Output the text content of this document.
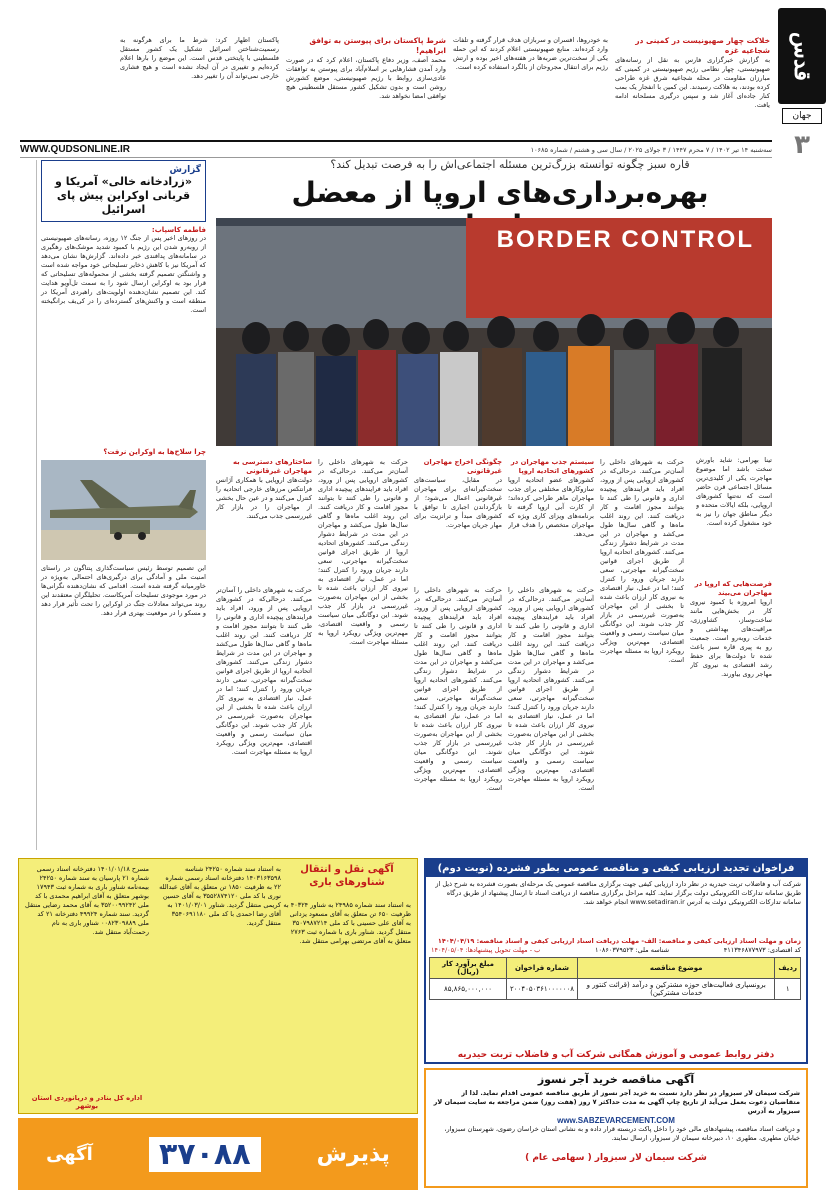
قدس
جهان
۳
خلاکت چهار صهیونیست در کمینی در شجاعیه غزه
به گزارش خبرگزاری فارس به نقل از رسانه‌های صهیونیستی، چهار نظامی رژیم صهیونیستی در کمینی که مبارزان مقاومت در محله شجاعیه شرق غزه طراحی کرده بودند، به هلاکت رسیدند. این کمین با انفجار یک بمب کنار جاده‌ای آغاز شد و سپس درگیری مسلحانه ادامه یافت.
به خودروها، افسران و سربازان هدف قرار گرفته و تلفات وارد کرده‌اند. منابع صهیونیستی اعلام کردند که این حمله یکی از سخت‌ترین ضربه‌ها در هفته‌های اخیر بوده و ارتش رژیم برای انتقال مجروحان از بالگرد استفاده کرده است.
شرط پاکستان برای پیوستن به توافق ابراهیم!
محمد آصف، وزیر دفاع پاکستان، اعلام کرد که در صورت وارد آمدن فشارهایی بر اسلام‌آباد برای پیوستن به توافقات عادی‌سازی روابط با رژیم صهیونیستی، موضع کشورش روشن است و بدون تشکیل کشور مستقل فلسطینی هیچ توافقی امضا نخواهد شد.
پاکستان اظهار کرد: شرط ما برای هرگونه به رسمیت‌شناختن اسرائیل تشکیل یک کشور مستقل فلسطینی با پایتختی قدس است. این موضع را بارها اعلام کرده‌ایم و تغییری در آن ایجاد نشده است و هیچ فشاری خارجی نمی‌تواند آن را تغییر دهد.
WWW.QUDSONLINE.IR	سه‌شنبه ۱۴ تیر ۱۴۰۲ / ۷ محرم ۱۴۴۷ / ۳ جولای ۲۰۲۵ / سال سی و هشتم / شماره ۱۰۶۸۵
قاره سبز چگونه توانسته بزرگ‌ترین مسئله اجتماعی‌اش را به فرصت تبدیل کند؟
بهره‌برداری‌های اروپا از معضل
BORDER CONTROL
تینا بهرامی: شاید باورش سخت باشد اما موضوع مهاجرت یکی از کلیدی‌ترین مسائل اجتماعی قرن حاضر است که نه‌تنها کشورهای اروپایی، بلکه ایالات متحده و دیگر مناطق جهان را نیز به خود مشغول کرده است.
فرصت‌هایی که اروپا در مهاجران می‌بیند
اروپا امروزه با کمبود نیروی کار در بخش‌هایی مانند ساخت‌وساز، کشاورزی، مراقبت‌های بهداشتی و خدمات روبه‌رو است. جمعیت رو به پیری قاره سبز باعث شده تا دولت‌ها برای حفظ رشد اقتصادی به نیروی کار مهاجر روی بیاورند.
حرکت به شهرهای داخلی را آسان‌تر می‌کنند. درحالی‌که در کشورهای اروپایی پس از ورود، افراد باید فرایندهای پیچیده اداری و قانونی را طی کنند تا بتوانند مجوز اقامت و کار دریافت کنند. این روند اغلب ماه‌ها و گاهی سال‌ها طول می‌کشد و مهاجران در این مدت در شرایط دشوار زندگی می‌کنند. کشورهای اتحادیه اروپا از طریق اجرای قوانین سخت‌گیرانه مهاجرتی، سعی دارند جریان ورود را کنترل کنند؛ اما در عمل، نیاز اقتصادی به نیروی کار ارزان باعث شده تا بخشی از این مهاجران به‌صورت غیررسمی در بازار کار جذب شوند. این دوگانگی میان سیاست رسمی و واقعیت اقتصادی، مهم‌ترین ویژگی رویکرد اروپا به مسئله مهاجرت است.
سیستم جذب مهاجران در کشورهای اتحادیه اروپا
کشورهای عضو اتحادیه اروپا سازوکارهای مختلفی برای جذب مهاجران ماهر طراحی کرده‌اند؛ از کارت آبی اروپا گرفته تا برنامه‌های ویزای کاری ویژه که مهاجران متخصص را هدف قرار می‌دهد.
حرکت به شهرهای داخلی را آسان‌تر می‌کنند. درحالی‌که در کشورهای اروپایی پس از ورود، افراد باید فرایندهای پیچیده اداری و قانونی را طی کنند تا بتوانند مجوز اقامت و کار دریافت کنند. این روند اغلب ماه‌ها و گاهی سال‌ها طول می‌کشد و مهاجران در این مدت در شرایط دشوار زندگی می‌کنند. کشورهای اتحادیه اروپا از طریق اجرای قوانین سخت‌گیرانه مهاجرتی، سعی دارند جریان ورود را کنترل کنند؛ اما در عمل، نیاز اقتصادی به نیروی کار ارزان باعث شده تا بخشی از این مهاجران به‌صورت غیررسمی در بازار کار جذب شوند. این دوگانگی میان سیاست رسمی و واقعیت اقتصادی، مهم‌ترین ویژگی رویکرد اروپا به مسئله مهاجرت است.
چگونگی اخراج مهاجران غیرقانونی
در مقابل، سیاست‌های سخت‌گیرانه‌ای برای مهاجران غیرقانونی اعمال می‌شود؛ از بازگرداندن اجباری تا توافق با کشورهای مبدأ و ترانزیت برای مهار جریان مهاجرت.
حرکت به شهرهای داخلی را آسان‌تر می‌کنند. درحالی‌که در کشورهای اروپایی پس از ورود، افراد باید فرایندهای پیچیده اداری و قانونی را طی کنند تا بتوانند مجوز اقامت و کار دریافت کنند. این روند اغلب ماه‌ها و گاهی سال‌ها طول می‌کشد و مهاجران در این مدت در شرایط دشوار زندگی می‌کنند. کشورهای اتحادیه اروپا از طریق اجرای قوانین سخت‌گیرانه مهاجرتی، سعی دارند جریان ورود را کنترل کنند؛ اما در عمل، نیاز اقتصادی به نیروی کار ارزان باعث شده تا بخشی از این مهاجران به‌صورت غیررسمی در بازار کار جذب شوند. این دوگانگی میان سیاست رسمی و واقعیت اقتصادی، مهم‌ترین ویژگی رویکرد اروپا به مسئله مهاجرت است.
حرکت به شهرهای داخلی را آسان‌تر می‌کنند. درحالی‌که در کشورهای اروپایی پس از ورود، افراد باید فرایندهای پیچیده اداری و قانونی را طی کنند تا بتوانند مجوز اقامت و کار دریافت کنند. این روند اغلب ماه‌ها و گاهی سال‌ها طول می‌کشد و مهاجران در این مدت در شرایط دشوار زندگی می‌کنند. کشورهای اتحادیه اروپا از طریق اجرای قوانین سخت‌گیرانه مهاجرتی، سعی دارند جریان ورود را کنترل کنند؛ اما در عمل، نیاز اقتصادی به نیروی کار ارزان باعث شده تا بخشی از این مهاجران به‌صورت غیررسمی در بازار کار جذب شوند. این دوگانگی میان سیاست رسمی و واقعیت اقتصادی، مهم‌ترین ویژگی رویکرد اروپا به مسئله مهاجرت است.
ساختارهای دسترسی به مهاجران غیرقانونی
دولت‌های اروپایی با همکاری آژانس فرانتکس مرزهای خارجی اتحادیه را کنترل می‌کنند و در عین حال بخشی از مهاجران را در بازار کار غیررسمی جذب می‌کنند.
حرکت به شهرهای داخلی را آسان‌تر می‌کنند. درحالی‌که در کشورهای اروپایی پس از ورود، افراد باید فرایندهای پیچیده اداری و قانونی را طی کنند تا بتوانند مجوز اقامت و کار دریافت کنند. این روند اغلب ماه‌ها و گاهی سال‌ها طول می‌کشد و مهاجران در این مدت در شرایط دشوار زندگی می‌کنند. کشورهای اتحادیه اروپا از طریق اجرای قوانین سخت‌گیرانه مهاجرتی، سعی دارند جریان ورود را کنترل کنند؛ اما در عمل، نیاز اقتصادی به نیروی کار ارزان باعث شده تا بخشی از این مهاجران به‌صورت غیررسمی در بازار کار جذب شوند. این دوگانگی میان سیاست رسمی و واقعیت اقتصادی، مهم‌ترین ویژگی رویکرد اروپا به مسئله مهاجرت است.
گزارش
«زرادخانه خالی» آمریکا و قربانی اوکراین پیش پای اسرائیل
فاطمه کاسپاب:
در روزهای اخیر پس از جنگ ۱۲ روزه، رسانه‌های صهیونیستی از روبه‌رو شدن این رژیم با کمبود شدید موشک‌های رهگیری در سامانه‌های پدافندی خبر داده‌اند. گزارش‌ها نشان می‌دهد که آمریکا نیز با کاهش ذخایر تسلیحاتی خود مواجه شده است و واشنگتن تصمیم گرفته بخشی از محموله‌های تسلیحاتی که قرار بود به اوکراین ارسال شود را به سمت تل‌آویو هدایت کند. این تصمیم نشان‌دهنده اولویت‌های راهبردی آمریکا در منطقه است و واکنش‌های گسترده‌ای را در کی‌یف برانگیخته است.
چرا سلاح‌ها به اوکراین نرفت؟
این تصمیم توسط رئیس سیاست‌گذاری پنتاگون در راستای امنیت ملی و آمادگی برای درگیری‌های احتمالی به‌ویژه در خاورمیانه گرفته شده است. اقدامی که نشان‌دهنده نگرانی‌ها در مورد موجودی تسلیحات آمریکاست. تحلیلگران معتقدند این روند می‌تواند معادلات جنگ در اوکراین را تحت تأثیر قرار دهد و مسکو را در موقعیت بهتری قرار دهد.
فراخوان تجدید ارزیابی کیفی و مناقصه عمومی بطور فشرده (نوبت دوم)
شرکت آب و فاضلاب تربت حیدریه در نظر دارد ارزیابی کیفی جهت برگزاری مناقصه عمومی یک مرحله‌ای بصورت فشرده به شرح ذیل از طریق سامانه تدارکات الکترونیکی دولت برگزار نماید. کلیه مراحل برگزاری مناقصه از دریافت اسناد تا ارسال پیشنهاد از طریق درگاه سامانه تدارکات الکترونیکی دولت به آدرس www.setadiran.ir انجام خواهد شد.
زمان و مهلت اسناد ارزیابی کیفی و مناقصه: الف- مهلت دریافت اسناد ارزیابی کیفی و اسناد مناقصه: ۱۴۰۴/۰۴/۱۹
کد اقتصادی: ۴۱۱۳۴۶۸۷۷۹۷۳
شناسه ملی: ۱۰۸۶۰۳۷۹۵۲۳
ب - مهلت تحویل پیشنهادها: ۱۴۰۴/۰۵/۰۴
ردیف	موضوع مناقصه	شماره فراخوان	مبلغ برآورد کار (ریال)
۱	برونسپاری فعالیت‌های حوزه مشترکین و درآمد (قرائت کنتور و خدمات مشترکین)	۲۰۰۴۰۵۰۳۶۱۰۰۰۰۰۰۸	۸۵,۸۶۵,۰۰۰,۰۰۰
دفتر روابط عمومی و آموزش همگانی شرکت آب و فاضلاب تربت حیدریه
آگهی نقل و انتقال شناورهای باری
مسرح ۱۴۰۱/۰۱/۱۸ دفترخانه اسناد رسمی شماره ۲۱ پارسیان به سند شماره ۲۴۲۵۰ بیمه‌نامه شناور باری به شماره ثبت ۱۷۹۴۳ بوشهر متعلق به آقای ابراهیم محمدی با کد ملی ۳۵۲۰۰۹۹۲۴۲ به آقای محمد رضایی منتقل گردید. سند شماره ۴۹۹۲۴ دفترخانه ۲۱ کد ملی ۰۰۸۲۳۰۹۸۸۹ شناور باری به نام رحمت‌آباد منتقل شد.
به استناد سند شماره ۲۴۲۵۰ شناسه ۱۴۰۳۱۶۳۵۹۸ دفترخانه اسناد رسمی شماره ۲۲ به ظرفیت ۱۸۵۰ تن متعلق به آقای عبدالله نوری با کد ملی ۳۵۵۲۸۷۴۱۲۰ به آقای حسین کریمی منتقل گردید. شناور ۱۴۰۱/۰۳/۰۱ به آقای رضا احمدی با کد ملی ۳۵۴۰۶۹۱۱۸۰ منتقل گردید.
به استناد سند شماره ۲۴۹۸۵ به شناور ۴۰۳۲۴ به ظرفیت ۶۵۰ تن متعلق به آقای مسعود یزدانی به آقای علی حسینی با کد ملی ۳۵۰۷۹۸۷۲۱۴ منتقل گردید. شناور باری با شماره ثبت ۲۷۶۳ متعلق به آقای مرتضی بهرامی منتقل شد.
اداره کل بنادر و دریانوردی استان بوشهر
آگهی مناقصه خرید آجر نسوز
شرکت سیمان لار سبزوار در نظر دارد نسبت به خرید آجر نسوز از طریق مناقصه عمومی اقدام نماید. لذا از متقاضیان دعوت بعمل می‌آید از تاریخ چاپ آگهی به مدت حداکثر ۷ روز (هفت روز) ضمن مراجعه به سایت سیمان لار سبزوار به آدرس
www.SABZEVARCEMENT.COM
و دریافت اسناد مناقصه، پیشنهادهای مالی خود را داخل پاکت دربسته قرار داده و به نشانی استان خراسان رضوی، شهرستان سبزوار، خیابان مطهری، مطهری ۱۰، دبیرخانه سیمان لار سبزوار، ارسال نمایند.
شرکت سیمان لار سبزوار ( سهامی عام )
پذیرش
۳۷۰۸۸
آگهی
